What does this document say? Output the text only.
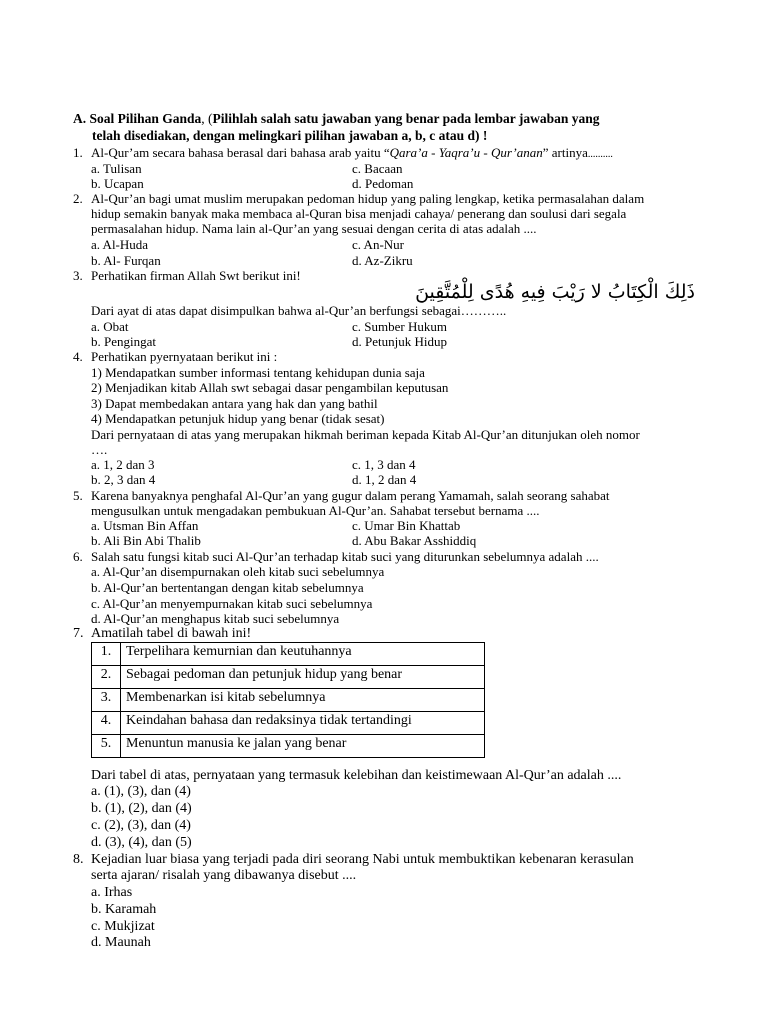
A. Soal Pilihan Ganda, (Pilihlah salah satu jawaban yang benar pada lembar jawaban yang
telah disediakan, dengan melingkari pilihan jawaban a, b, c atau d) !
1. Al-Qur’am secara bahasa berasal dari bahasa arab yaitu “Qara’a - Yaqra’u - Qur’anan” artinya..........
a. Tulisan
b. Ucapan
c. Bacaan
d. Pedoman
2. Al-Qur’an bagi umat muslim merupakan pedoman hidup yang paling lengkap, ketika permasalahan dalam
hidup semakin banyak maka membaca al-Quran bisa menjadi cahaya/ penerang dan soulusi dari segala
permasalahan hidup. Nama lain al-Qur’an yang sesuai dengan cerita di atas adalah ....
a. Al-Huda
b. Al- Furqan
c. An-Nur
d. Az-Zikru
3. Perhatikan firman Allah Swt berikut ini!
ذَلِكَ الْكِتَابُ لا رَيْبَ فِيهِ هُدًى لِلْمُتَّقِينَ
Dari ayat di atas dapat disimpulkan bahwa al-Qur’an berfungsi sebagai………..
a. Obat
b. Pengingat
c. Sumber Hukum
d. Petunjuk Hidup
4. Perhatikan pyernyataan berikut ini :
1) Mendapatkan sumber informasi tentang kehidupan dunia saja
2) Menjadikan kitab Allah swt sebagai dasar pengambilan keputusan
3) Dapat membedakan antara yang hak dan yang bathil
4) Mendapatkan petunjuk hidup yang benar (tidak sesat)
Dari pernyataan di atas yang merupakan hikmah beriman kepada Kitab Al-Qur’an ditunjukan oleh nomor
….
a. 1, 2 dan 3
b. 2, 3 dan 4
c. 1, 3 dan 4
d. 1, 2 dan 4
5. Karena banyaknya penghafal Al-Qur’an yang gugur dalam perang Yamamah, salah seorang sahabat
mengusulkan untuk mengadakan pembukuan Al-Qur’an. Sahabat tersebut bernama ....
a. Utsman Bin Affan
b. Ali Bin Abi Thalib
c. Umar Bin Khattab
d. Abu Bakar Asshiddiq
6. Salah satu fungsi kitab suci Al-Qur’an terhadap kitab suci yang diturunkan sebelumnya adalah ....
a. Al-Qur’an disempurnakan oleh kitab suci sebelumnya
b. Al-Qur’an bertentangan dengan kitab sebelumnya
c. Al-Qur’an menyempurnakan kitab suci sebelumnya
d. Al-Qur’an menghapus kitab suci sebelumnya
7. Amatilah tabel di bawah ini!
1.	Terpelihara kemurnian dan keutuhannya
2.	Sebagai pedoman dan petunjuk hidup yang benar
3.	Membenarkan isi kitab sebelumnya
4.	Keindahan bahasa dan redaksinya tidak tertandingi
5.	Menuntun manusia ke jalan yang benar
Dari tabel di atas, pernyataan yang termasuk kelebihan dan keistimewaan Al-Qur’an adalah ....
a. (1), (3), dan (4)
b. (1), (2), dan (4)
c. (2), (3), dan (4)
d. (3), (4), dan (5)
8. Kejadian luar biasa yang terjadi pada diri seorang Nabi untuk membuktikan kebenaran kerasulan
serta ajaran/ risalah yang dibawanya disebut ....
a. Irhas
b. Karamah
c. Mukjizat
d. Maunah
